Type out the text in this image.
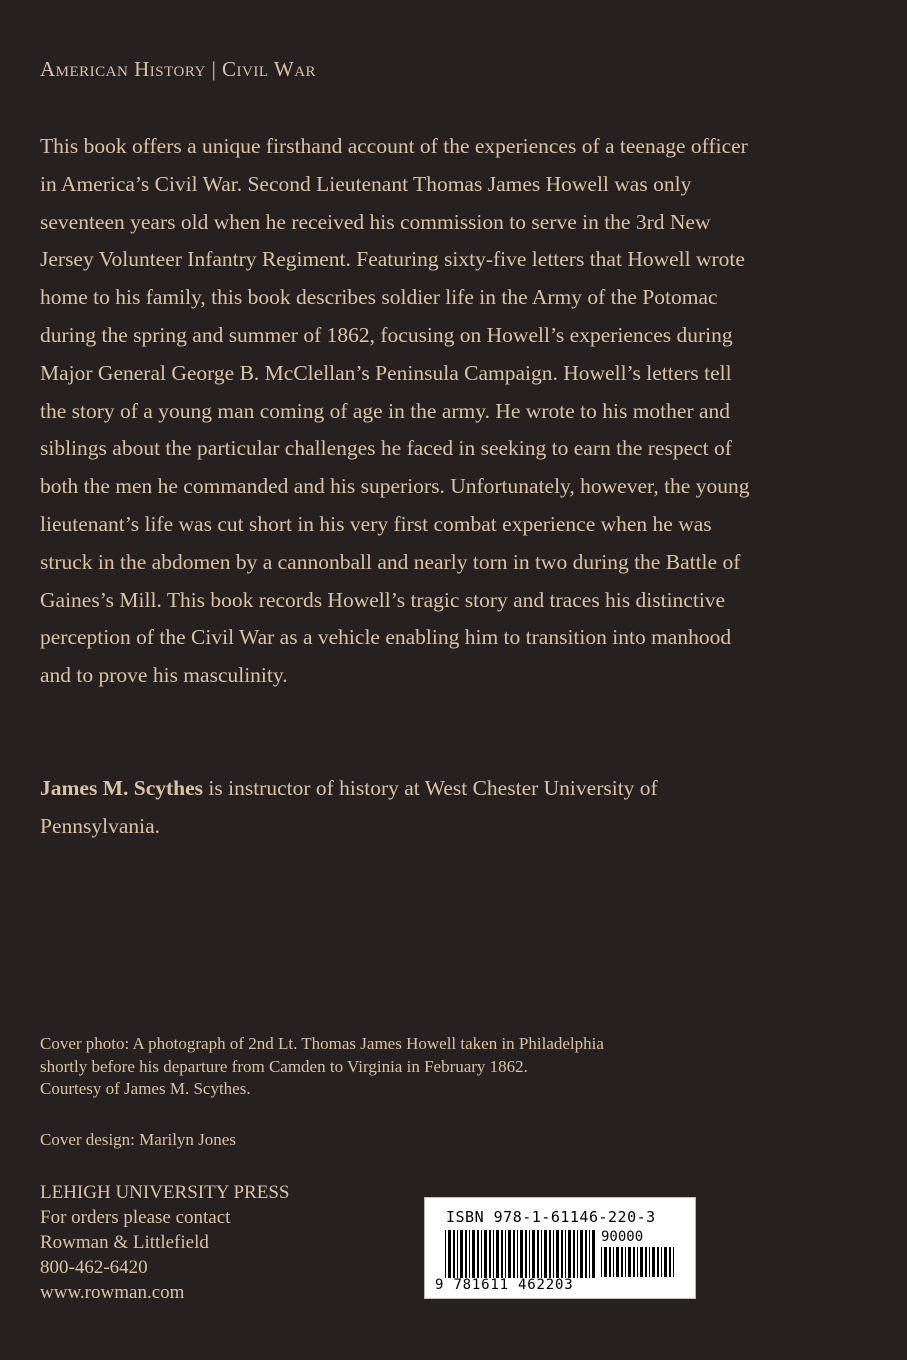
American History | Civil War

This book offers a unique firsthand account of the experiences of a teenage officer in America’s Civil War. Second Lieutenant Thomas James Howell was only seventeen years old when he received his commission to serve in the 3rd New Jersey Volunteer Infantry Regiment. Featuring sixty-five letters that Howell wrote home to his family, this book describes soldier life in the Army of the Potomac during the spring and summer of 1862, focusing on Howell’s experiences during Major General George B. McClellan’s Peninsula Campaign. Howell’s letters tell the story of a young man coming of age in the army. He wrote to his mother and siblings about the particular challenges he faced in seeking to earn the respect of both the men he commanded and his superiors. Unfortunately, however, the young lieutenant’s life was cut short in his very first combat experience when he was struck in the abdomen by a cannonball and nearly torn in two during the Battle of Gaines’s Mill. This book records Howell’s tragic story and traces his distinctive perception of the Civil War as a vehicle enabling him to transition into manhood and to prove his masculinity.

James M. Scythes is instructor of history at West Chester University of Pennsylvania.

Cover photo: A photograph of 2nd Lt. Thomas James Howell taken in Philadelphia
shortly before his departure from Camden to Virginia in February 1862.
Courtesy of James M. Scythes.
Cover design: Marilyn Jones
LEHIGH UNIVERSITY PRESS
For orders please contact
Rowman & Littlefield
800-462-6420
www.rowman.com
ISBN 978-1-61146-220-3
90000
9 781611 462203
